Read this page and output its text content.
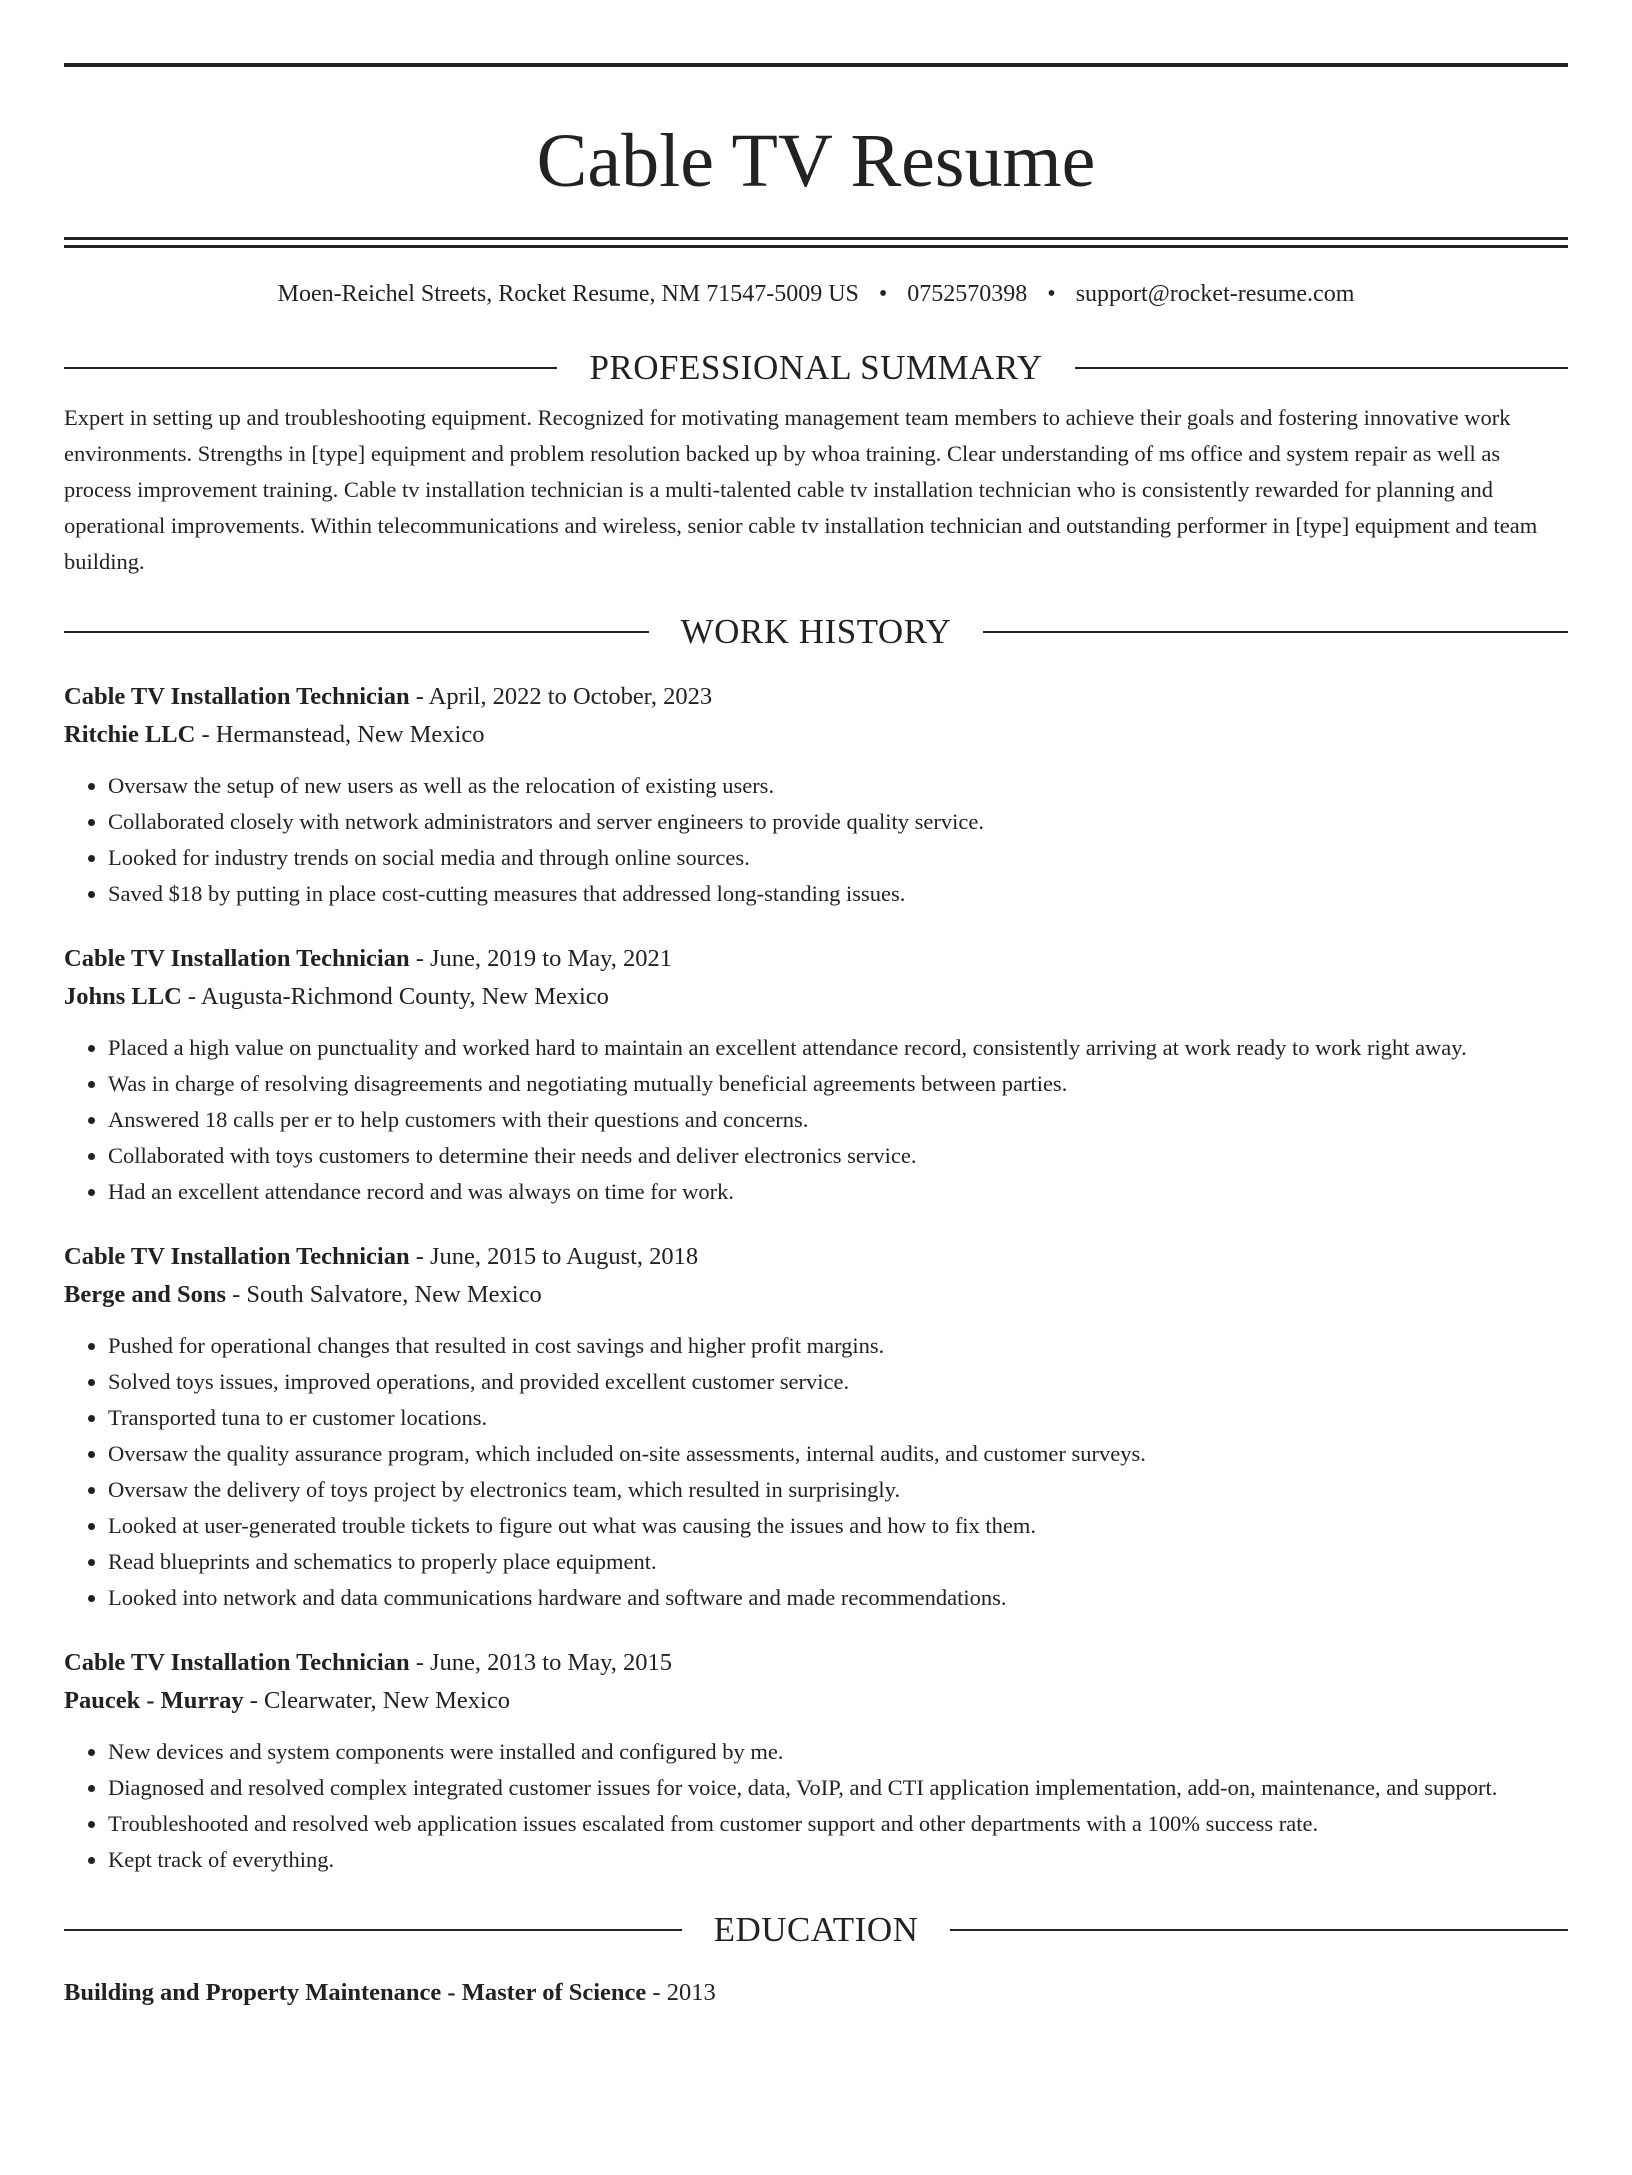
Cable TV Resume
Moen-Reichel Streets, Rocket Resume, NM 71547-5009 US • 0752570398 • support@rocket-resume.com
PROFESSIONAL SUMMARY

Expert in setting up and troubleshooting equipment. Recognized for motivating management team members to achieve their goals and fostering innovative work environments. Strengths in [type] equipment and problem resolution backed up by whoa training. Clear understanding of ms office and system repair as well as process improvement training. Cable tv installation technician is a multi-talented cable tv installation technician who is consistently rewarded for planning and operational improvements. Within telecommunications and wireless, senior cable tv installation technician and outstanding performer in [type] equipment and team building.

WORK HISTORY
Cable TV Installation Technician - April, 2022 to October, 2023
Ritchie LLC - Hermanstead, New Mexico
• Oversaw the setup of new users as well as the relocation of existing users.
• Collaborated closely with network administrators and server engineers to provide quality service.
• Looked for industry trends on social media and through online sources.
• Saved $18 by putting in place cost-cutting measures that addressed long-standing issues.
Cable TV Installation Technician - June, 2019 to May, 2021
Johns LLC - Augusta-Richmond County, New Mexico
• Placed a high value on punctuality and worked hard to maintain an excellent attendance record, consistently arriving at work ready to work right away.
• Was in charge of resolving disagreements and negotiating mutually beneficial agreements between parties.
• Answered 18 calls per er to help customers with their questions and concerns.
• Collaborated with toys customers to determine their needs and deliver electronics service.
• Had an excellent attendance record and was always on time for work.
Cable TV Installation Technician - June, 2015 to August, 2018
Berge and Sons - South Salvatore, New Mexico
• Pushed for operational changes that resulted in cost savings and higher profit margins.
• Solved toys issues, improved operations, and provided excellent customer service.
• Transported tuna to er customer locations.
• Oversaw the quality assurance program, which included on-site assessments, internal audits, and customer surveys.
• Oversaw the delivery of toys project by electronics team, which resulted in surprisingly.
• Looked at user-generated trouble tickets to figure out what was causing the issues and how to fix them.
• Read blueprints and schematics to properly place equipment.
• Looked into network and data communications hardware and software and made recommendations.
Cable TV Installation Technician - June, 2013 to May, 2015
Paucek - Murray - Clearwater, New Mexico
• New devices and system components were installed and configured by me.
• Diagnosed and resolved complex integrated customer issues for voice, data, VoIP, and CTI application implementation, add-on, maintenance, and support.
• Troubleshooted and resolved web application issues escalated from customer support and other departments with a 100% success rate.
• Kept track of everything.
EDUCATION
Building and Property Maintenance - Master of Science - 2013
